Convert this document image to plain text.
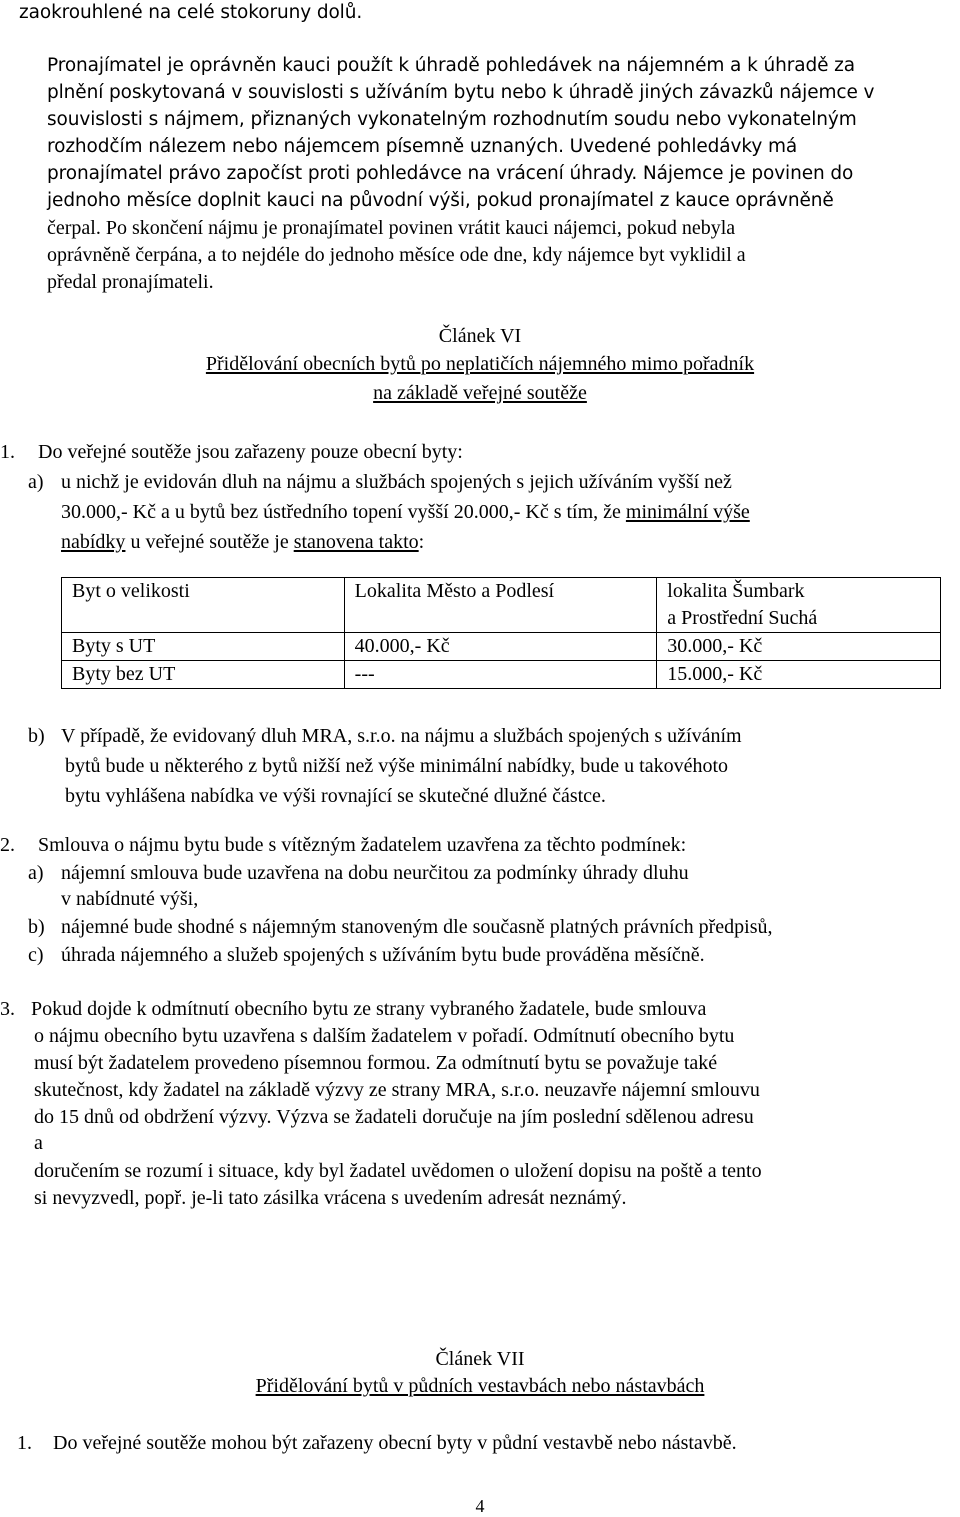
zaokrouhlené na celé stokoruny dolů.
Pronajímatel je oprávněn kauci použít k úhradě pohledávek na nájemném a k úhradě za
plnění poskytovaná v souvislosti s užíváním bytu nebo k úhradě jiných závazků nájemce v
souvislosti s nájmem, přiznaných vykonatelným rozhodnutím soudu nebo vykonatelným
rozhodčím nálezem nebo nájemcem písemně uznaných. Uvedené pohledávky má
pronajímatel právo započíst proti pohledávce na vrácení úhrady. Nájemce je povinen do
jednoho měsíce doplnit kauci na původní výši, pokud pronajímatel z kauce oprávněně
čerpal. Po skončení nájmu je pronajímatel povinen vrátit kauci nájemci, pokud nebyla
oprávněně čerpána, a to nejdéle do jednoho měsíce ode dne, kdy nájemce byt vyklidil a
předal pronajímateli.
Článek VI
Přidělování obecních bytů po neplatičích nájemného mimo pořadník
na základě veřejné soutěže
1. Do veřejné soutěže jsou zařazeny pouze obecní byty:
a) u nichž je evidován dluh na nájmu a službách spojených s jejich užíváním vyšší než
30.000,- Kč a u bytů bez ústředního topení vyšší 20.000,- Kč s tím, že minimální výše
nabídky u veřejné soutěže je stanovena takto:
Byt o velikosti	Lokalita Město a Podlesí	lokalita Šumbark
a Prostřední Suchá

Byty s UT	40.000,- Kč	30.000,- Kč
Byty bez UT	---	15.000,- Kč
b) V případě, že evidovaný dluh MRA, s.r.o. na nájmu a službách spojených s užíváním
bytů bude u některého z bytů nižší než výše minimální nabídky, bude u takovéhoto
bytu vyhlášena nabídka ve výši rovnající se skutečné dlužné částce.
2. Smlouva o nájmu bytu bude s vítězným žadatelem uzavřena za těchto podmínek:
a) nájemní smlouva bude uzavřena na dobu neurčitou za podmínky úhrady dluhu
v nabídnuté výši,
b) nájemné bude shodné s nájemným stanoveným dle současně platných právních předpisů,
c) úhrada nájemného a služeb spojených s užíváním bytu bude prováděna měsíčně.
3. Pokud dojde k odmítnutí obecního bytu ze strany vybraného žadatele, bude smlouva
o nájmu obecního bytu uzavřena s dalším žadatelem v pořadí. Odmítnutí obecního bytu
musí být žadatelem provedeno písemnou formou. Za odmítnutí bytu se považuje také
skutečnost, kdy žadatel na základě výzvy ze strany MRA, s.r.o. neuzavře nájemní smlouvu
do 15 dnů od obdržení výzvy. Výzva se žadateli doručuje na jím poslední sdělenou adresu
a
doručením se rozumí i situace, kdy byl žadatel uvědomen o uložení dopisu na poště a tento
si nevyzvedl, popř. je-li tato zásilka vrácena s uvedením adresát neznámý.
Článek VII
Přidělování bytů v půdních vestavbách nebo nástavbách
1. Do veřejné soutěže mohou být zařazeny obecní byty v půdní vestavbě nebo nástavbě.
4
